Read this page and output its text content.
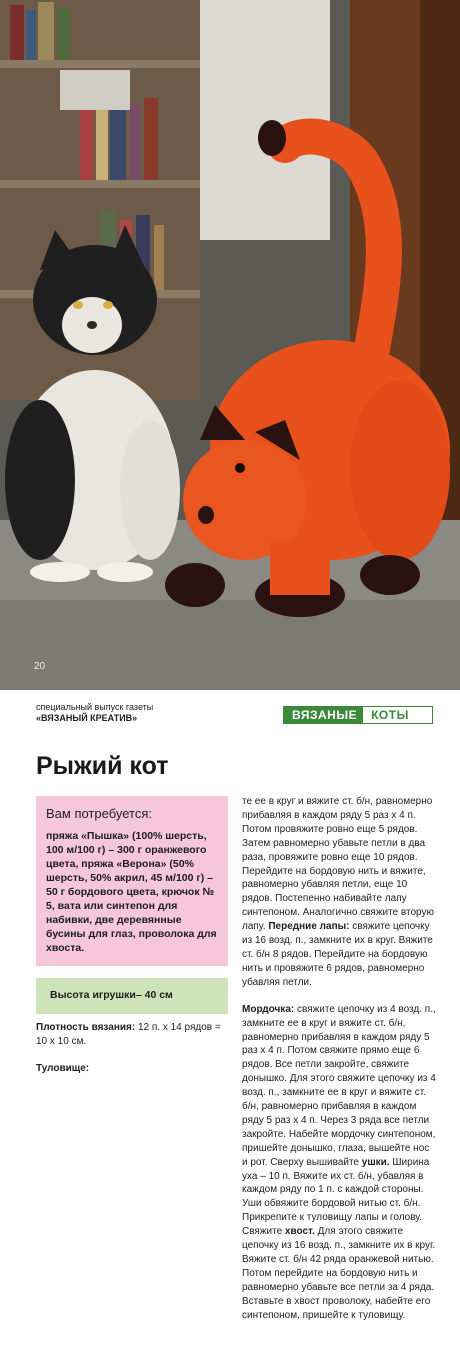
20
специальный выпуск газеты
«ВЯЗАНЫЙ КРЕАТИВ»	ВЯЗАНЫЕ	КОТЫ
Рыжий кот
Вам потребуется:

пряжа «Пышка» (100% шерсть, 100 м/100 г) – 300 г оранжевого цвета, пряжа «Верона» (50% шерсть, 50% акрил, 45 м/100 г) – 50 г бордового цвета, крючок № 5, вата или синтепон для набивки, две деревянные бусины для глаз, проволока для хвоста.

Высота игрушки– 40 см

Плотность вязания: 12 п. х 14 рядов = 10 х 10 см.

Туловище:

те ее в круг и вяжите ст. б/н, равномерно прибавляя в каждом ряду 5 раз х 4 п. Потом провяжите ровно еще 5 рядов. Затем равномерно убавьте петли в два раза, провяжите ровно еще 10 рядов. Перейдите на бордовую нить и вяжите, равномерно убавляя петли, еще 10 рядов. Постепенно набивайте лапу синтепоном. Аналогично свяжите вторую лапу. Передние лапы: свяжите цепочку из 16 возд. п., замкните их в круг. Вяжите ст. б/н 8 рядов. Перейдите на бордовую нить и провяжите 6 рядов, равномерно убавляя петли.

Мордочка: свяжите цепочку из 4 возд. п., замкните ее в круг и вяжите ст. б/н, равномерно прибавляя в каждом ряду 5 раз х 4 п. Потом свяжите прямо еще 6 рядов. Все петли закройте, свяжите донышко. Для этого свяжите цепочку из 4 возд. п., замкните ее в круг и вяжите ст. б/н, равномерно прибавляя в каждом ряду 5 раз х 4 п. Через 3 ряда все петли закройте. Набейте мордочку синтепоном, пришейте донышко, глаза, вышейте нос и рот. Сверху вышивайте ушки. Ширина уха – 10 п. Вяжите их ст. б/н, убавляя в каждом ряду по 1 п. с каждой стороны. Уши обвяжите бордовой нитью ст. б/н. Прикрепите к туловищу лапы и голову. Свяжите хвост. Для этого свяжите цепочку из 16 возд. п., замкните их в круг. Вяжите ст. б/н 42 ряда оранжевой нитью. Потом перейдите на бордовую нить и равномерно убавьте все петли за 4 ряда. Вставьте в хвост проволоку, набейте его синтепоном, пришейте к туловищу.
